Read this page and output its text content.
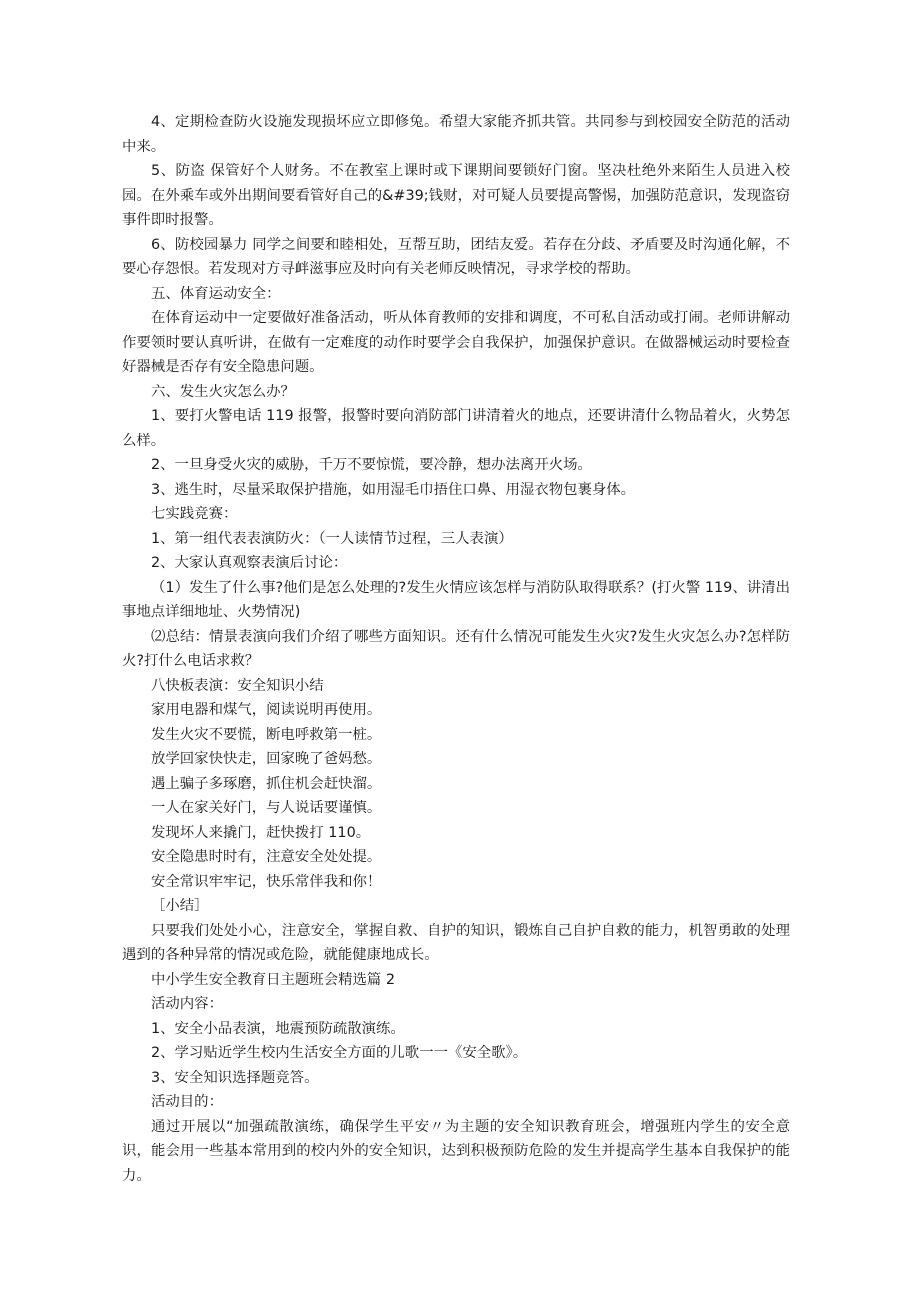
4、定期检查防火设施发现损坏应立即修兔。希望大家能齐抓共管。共同参与到校园安全防范的活动中来。

5、防盗 保管好个人财务。不在教室上课时或下课期间要锁好门窗。坚决杜绝外来陌生人员进入校园。在外乘车或外出期间要看管好自己的&#39;钱财，对可疑人员要提高警惕，加强防范意识，发现盗窃事件即时报警。

6、防校园暴力 同学之间要和睦相处，互帮互助，团结友爱。若存在分歧、矛盾要及时沟通化解，不要心存怨恨。若发现对方寻衅滋事应及时向有关老师反映情况，寻求学校的帮助。

五、体育运动安全：

在体育运动中一定要做好准备活动，听从体育教师的安排和调度，不可私自活动或打闹。老师讲解动作要领时要认真听讲，在做有一定难度的动作时要学会自我保护，加强保护意识。在做器械运动时要检查好器械是否存有安全隐患问题。

六、发生火灾怎么办？

1、要打火警电话 119 报警，报警时要向消防部门讲清着火的地点，还要讲清什么物品着火，火势怎么样。

2、一旦身受火灾的威胁，千万不要惊慌，要冷静，想办法离开火场。

3、逃生时，尽量采取保护措施，如用湿毛巾捂住口鼻、用湿衣物包裹身体。

七实践竞赛：

1、第一组代表表演防火：（一人读情节过程，三人表演）

2、大家认真观察表演后讨论：

（1）发生了什么事?他们是怎么处理的?发生火情应该怎样与消防队取得联系？(打火警 119、讲清出事地点详细地址、火势情况)

⑵总结：情景表演向我们介绍了哪些方面知识。还有什么情况可能发生火灾?发生火灾怎么办?怎样防火?打什么电话求救？

八快板表演：安全知识小结

家用电器和煤气，阅读说明再使用。

发生火灾不要慌，断电呼救第一桩。

放学回家快快走，回家晚了爸妈愁。

遇上骗子多琢磨，抓住机会赶快溜。

一人在家关好门，与人说话要谨慎。

发现坏人来撬门，赶快拨打 110。

安全隐患时时有，注意安全处处提。

安全常识牢牢记，快乐常伴我和你！

［小结］

只要我们处处小心，注意安全，掌握自救、自护的知识，锻炼自己自护自救的能力，机智勇敢的处理遇到的各种异常的情况或危险，就能健康地成长。

中小学生安全教育日主题班会精选篇 2

活动内容：

1、安全小品表演，地震预防疏散演练。

2、学习贴近学生校内生活安全方面的儿歌一一《安全歌》。

3、安全知识选择题竞答。

活动目的：

通过开展以“加强疏散演练，确保学生平安〃为主题的安全知识教育班会，增强班内学生的安全意识，能会用一些基本常用到的校内外的安全知识，达到积极预防危险的发生并提高学生基本自我保护的能力。
